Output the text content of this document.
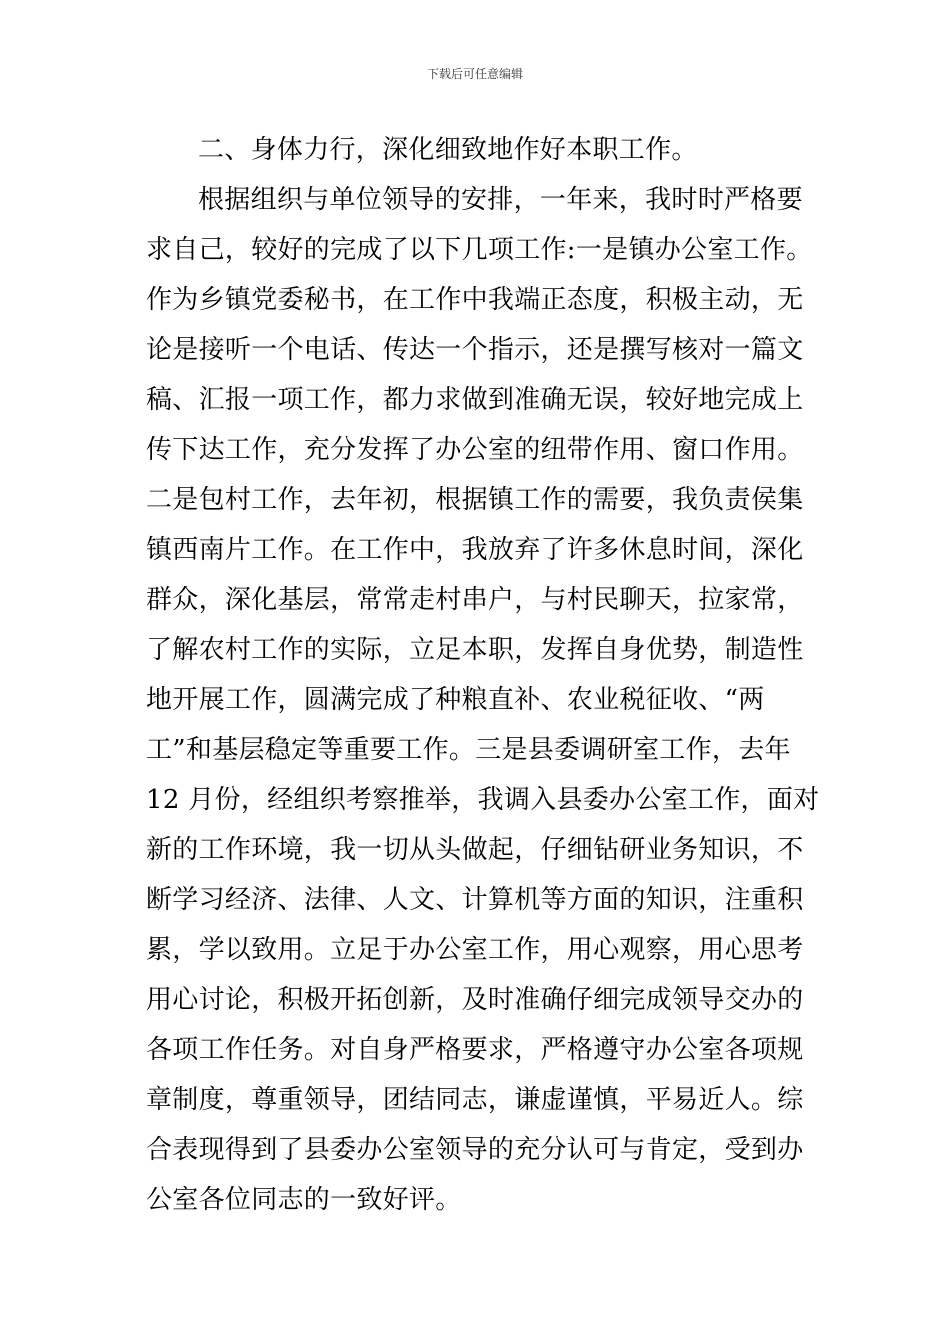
下载后可任意编辑
二、身体力行，深化细致地作好本职工作。
根据组织与单位领导的安排，一年来，我时时严格要
求自己，较好的完成了以下几项工作:一是镇办公室工作。
作为乡镇党委秘书，在工作中我端正态度，积极主动，无
论是接听一个电话、传达一个指示，还是撰写核对一篇文
稿、汇报一项工作，都力求做到准确无误，较好地完成上
传下达工作，充分发挥了办公室的纽带作用、窗口作用。
二是包村工作，去年初，根据镇工作的需要，我负责侯集
镇西南片工作。在工作中，我放弃了许多休息时间，深化
群众，深化基层，常常走村串户，与村民聊天，拉家常，
了解农村工作的实际，立足本职，发挥自身优势，制造性
地开展工作，圆满完成了种粮直补、农业税征收、“两
工”和基层稳定等重要工作。三是县委调研室工作，去年
12 月份，经组织考察推举，我调入县委办公室工作，面对
新的工作环境，我一切从头做起，仔细钻研业务知识，不
断学习经济、法律、人文、计算机等方面的知识，注重积
累，学以致用。立足于办公室工作，用心观察，用心思考
用心讨论，积极开拓创新，及时准确仔细完成领导交办的
各项工作任务。对自身严格要求，严格遵守办公室各项规
章制度，尊重领导，团结同志，谦虚谨慎，平易近人。综
合表现得到了县委办公室领导的充分认可与肯定，受到办
公室各位同志的一致好评。
